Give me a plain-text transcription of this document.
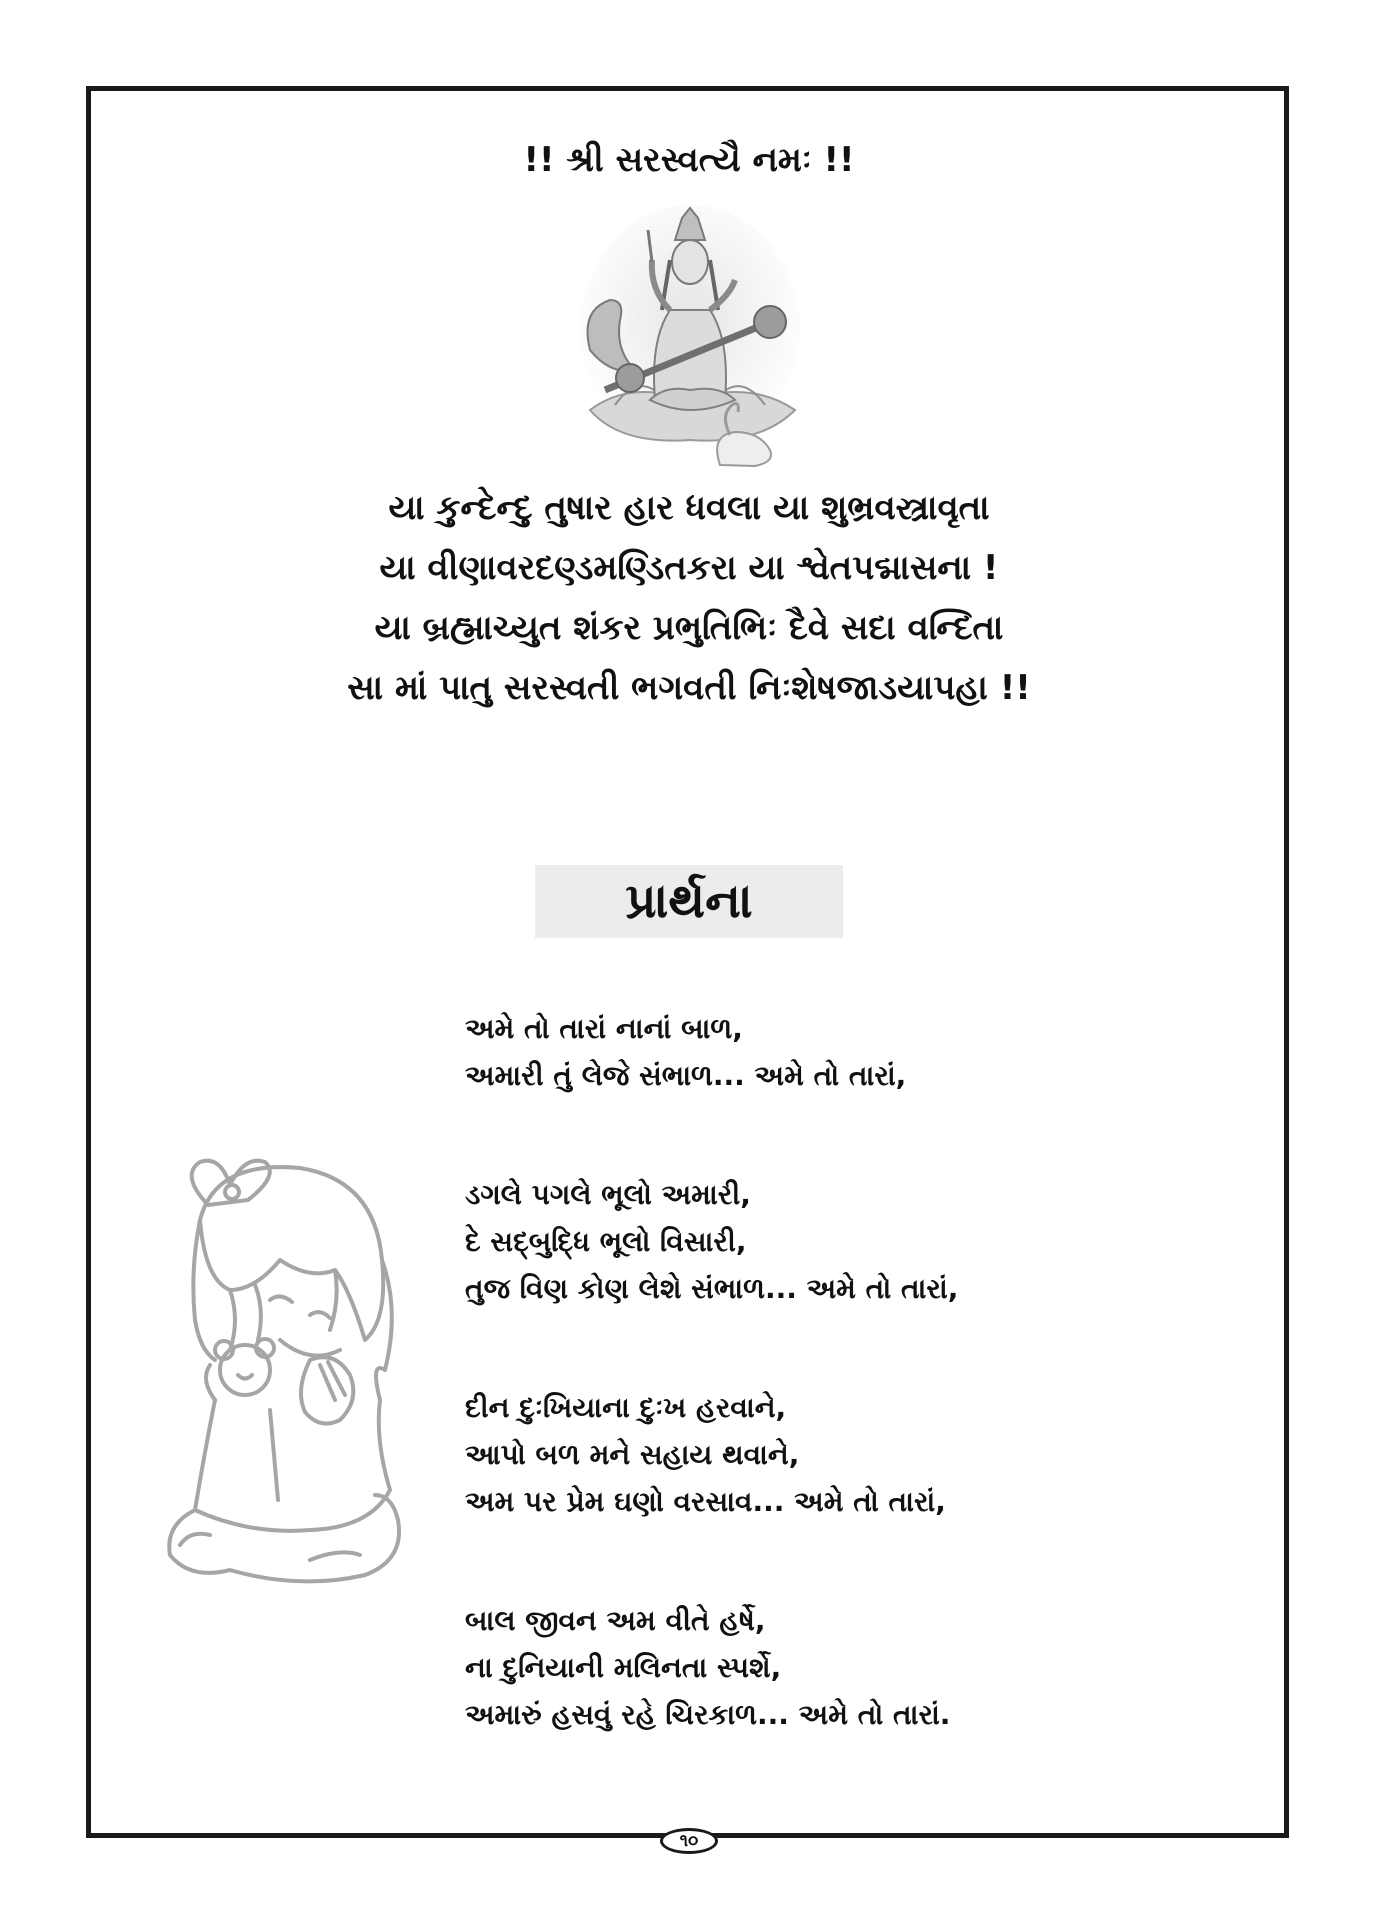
!! શ્રી સરસ્વત્યૈ નમઃ !!
યા કુન્દેન્દુ તુષાર હાર ધવલા યા શુભ્રવસ્ત્રાવૃતા
યા વીણાવરદણ્ડમણ્ડિતકરા યા શ્વેતપદ્માસના !
યા બ્રહ્માચ્યુત શંકર પ્રભુતિભિઃ દૈવે સદા વન્દિતા
સા માં પાતુ સરસ્વતી ભગવતી નિઃશેષજાડયાપહા !!
પ્રાર્થના
અમે તો તારાં નાનાં બાળ,
અમારી તું લેજે સંભાળ... અમે તો તારાં,
ડગલે પગલે ભૂલો અમારી,
દે સદ્‌બુદ્ધિ ભૂલો વિસારી,
તુજ વિણ કોણ લેશે સંભાળ... અમે તો તારાં,
દીન દુઃખિયાના દુઃખ હરવાને,
આપો બળ મને સહાય થવાને,
અમ પર પ્રેમ ઘણો વરસાવ... અમે તો તારાં,
બાલ જીવન અમ વીતે હર્ષે,
ના દુનિયાની મલિનતા સ્પર્શે,
અમારું હસવું રહે ચિરકાળ... અમે તો તારાં.
૧૦
